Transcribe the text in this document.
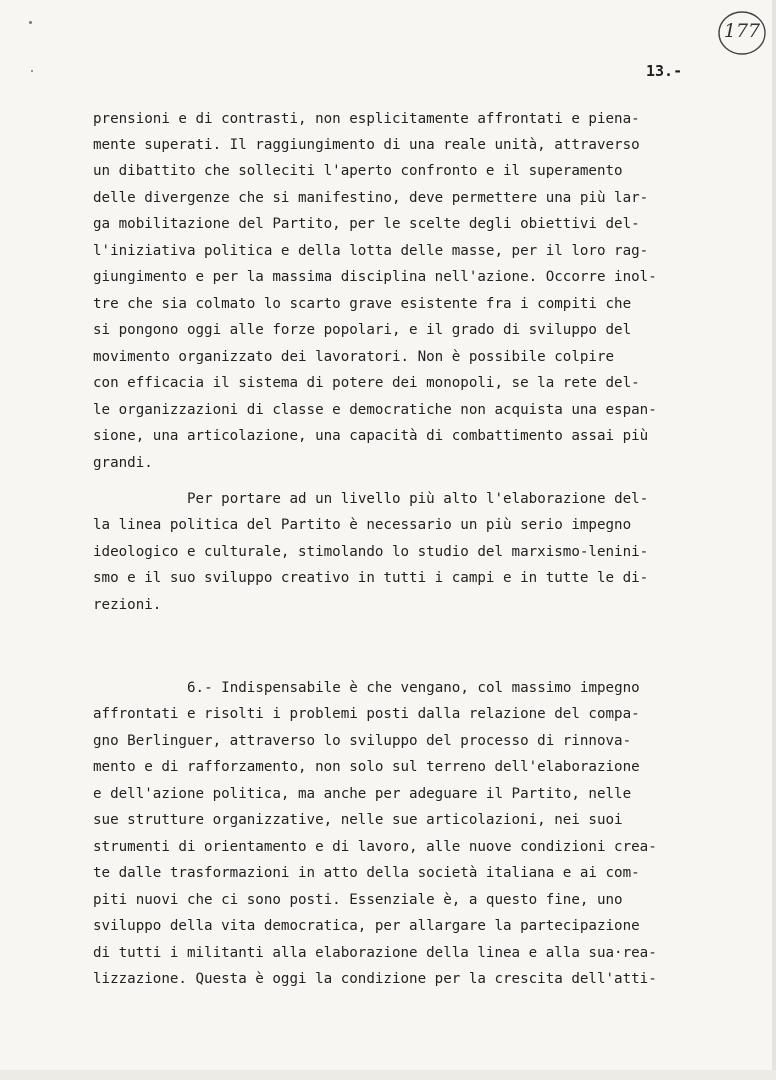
177
13.-
prensioni e di contrasti, non esplicitamente affrontati e piena-
mente superati. Il raggiungimento di una reale unità, attraverso
un dibattito che solleciti l'aperto confronto e il superamento
delle divergenze che si manifestino, deve permettere una più lar-
ga mobilitazione del Partito, per le scelte degli obiettivi del-
l'iniziativa politica e della lotta delle masse, per il loro rag-
giungimento e per la massima disciplina nell'azione. Occorre inol-
tre che sia colmato lo scarto grave esistente fra i compiti che
si pongono oggi alle forze popolari, e il grado di sviluppo del
movimento organizzato dei lavoratori. Non è possibile colpire
con efficacia il sistema di potere dei monopoli, se la rete del-
le organizzazioni di classe e democratiche non acquista una espan-
sione, una articolazione, una capacità di combattimento assai più
grandi.
Per portare ad un livello più alto l'elaborazione del-
la linea politica del Partito è necessario un più serio impegno
ideologico e culturale, stimolando lo studio del marxismo-lenini-
smo e il suo sviluppo creativo in tutti i campi e in tutte le di-
rezioni.
6.- Indispensabile è che vengano, col massimo impegno
affrontati e risolti i problemi posti dalla relazione del compa-
gno Berlinguer, attraverso lo sviluppo del processo di rinnova-
mento e di rafforzamento, non solo sul terreno dell'elaborazione
e dell'azione politica, ma anche per adeguare il Partito, nelle
sue strutture organizzative, nelle sue articolazioni, nei suoi
strumenti di orientamento e di lavoro, alle nuove condizioni crea-
te dalle trasformazioni in atto della società italiana e ai com-
piti nuovi che ci sono posti. Essenziale è, a questo fine, uno
sviluppo della vita democratica, per allargare la partecipazione
di tutti i militanti alla elaborazione della linea e alla sua·rea-
lizzazione. Questa è oggi la condizione per la crescita dell'atti-
